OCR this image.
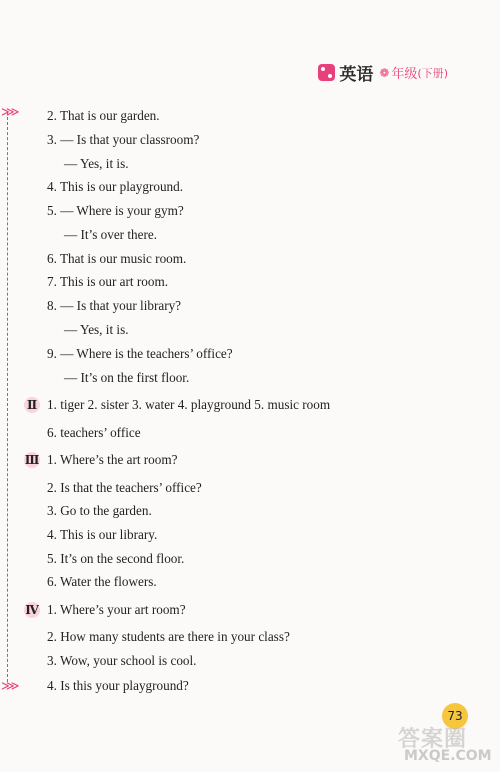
英语 ❁ 年级 (下册)
⋙
⋙
2. That is our garden.
3. — Is that your classroom?
— Yes, it is.
4. This is our playground.
5. — Where is your gym?
— It’s over there.
6. That is our music room.
7. This is our art room.
8. — Is that your library?
— Yes, it is.
9. — Where is the teachers’ office?
— It’s on the first floor.
Ⅱ 1. tiger 2. sister 3. water 4. playground 5. music room
6. teachers’ office
Ⅲ 1. Where’s the art room?
2. Is that the teachers’ office?
3. Go to the garden.
4. This is our library.
5. It’s on the second floor.
6. Water the flowers.
Ⅳ 1. Where’s your art room?
2. How many students are there in your class?
3. Wow, your school is cool.
4. Is this your playground?
73
答案圈
MXQE.COM
